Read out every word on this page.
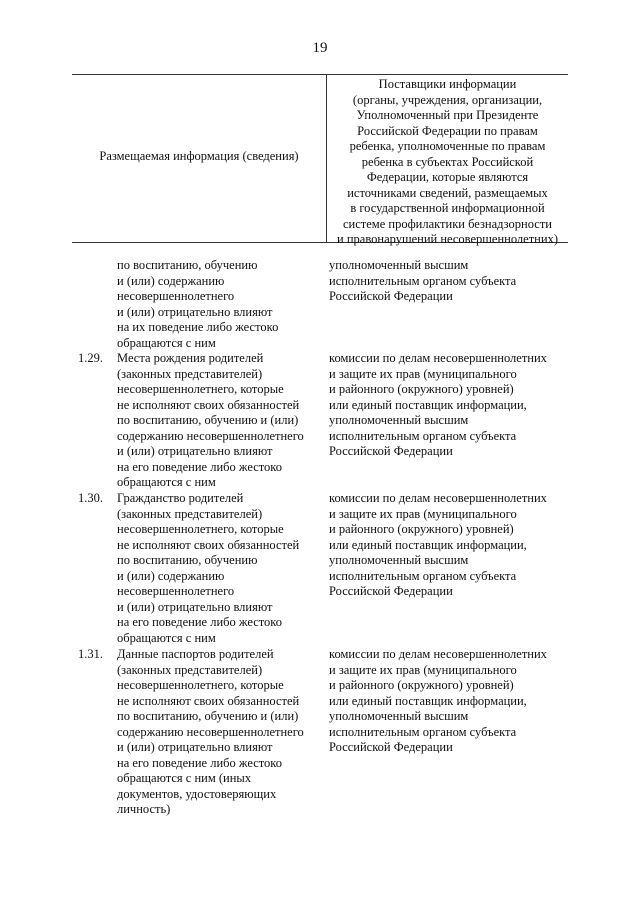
19
Размещаемая информация (сведения)
Поставщики информации
(органы, учреждения, организации,
Уполномоченный при Президенте
Российской Федерации по правам
ребенка, уполномоченные по правам
ребенка в субъектах Российской
Федерации, которые являются
источниками сведений, размещаемых
в государственной информационной
системе профилактики безнадзорности
и правонарушений несовершеннолетних)
по воспитанию, обучению
и (или) содержанию
несовершеннолетнего
и (или) отрицательно влияют
на их поведение либо жестоко
обращаются с ним
уполномоченный высшим
исполнительным органом субъекта
Российской Федерации
1.29. Места рождения родителей
(законных представителей)
несовершеннолетнего, которые
не исполняют своих обязанностей
по воспитанию, обучению и (или)
содержанию несовершеннолетнего
и (или) отрицательно влияют
на его поведение либо жестоко
обращаются с ним
комиссии по делам несовершеннолетних
и защите их прав (муниципального
и районного (окружного) уровней)
или единый поставщик информации,
уполномоченный высшим
исполнительным органом субъекта
Российской Федерации
1.30. Гражданство родителей
(законных представителей)
несовершеннолетнего, которые
не исполняют своих обязанностей
по воспитанию, обучению
и (или) содержанию
несовершеннолетнего
и (или) отрицательно влияют
на его поведение либо жестоко
обращаются с ним
комиссии по делам несовершеннолетних
и защите их прав (муниципального
и районного (окружного) уровней)
или единый поставщик информации,
уполномоченный высшим
исполнительным органом субъекта
Российской Федерации
1.31. Данные паспортов родителей
(законных представителей)
несовершеннолетнего, которые
не исполняют своих обязанностей
по воспитанию, обучению и (или)
содержанию несовершеннолетнего
и (или) отрицательно влияют
на его поведение либо жестоко
обращаются с ним (иных
документов, удостоверяющих
личность)
комиссии по делам несовершеннолетних
и защите их прав (муниципального
и районного (окружного) уровней)
или единый поставщик информации,
уполномоченный высшим
исполнительным органом субъекта
Российской Федерации
